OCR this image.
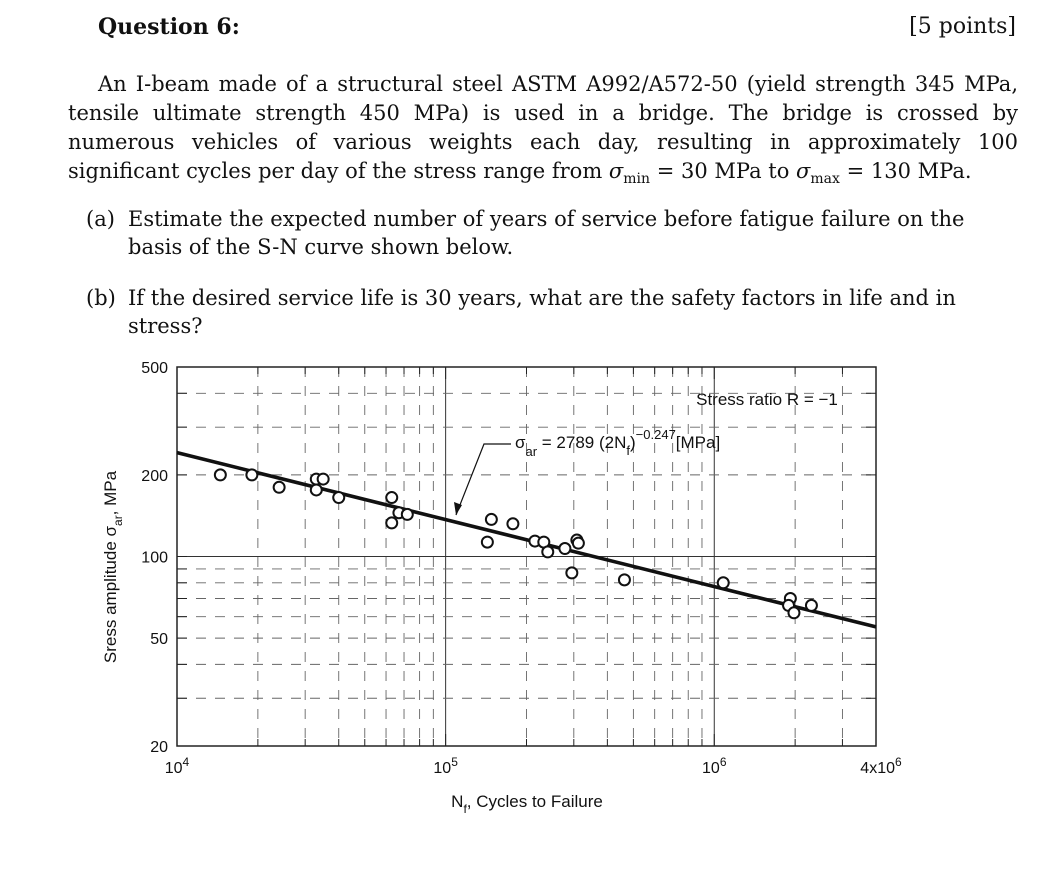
Question 6:	[5 points]
An I-beam made of a structural steel ASTM A992/A572-50 (yield strength 345 MPa, tensile ultimate strength 450 MPa) is used in a bridge. The bridge is crossed by numerous vehicles of various weights each day, resulting in approximately 100 significant cycles per day of the stress range from $\sigma_{min} = 30$ MPa to $\sigma_{max} = 130$ MPa.
(a) Estimate the expected number of years of service before fatigue failure on the basis of the S-N curve shown below.
(b) If the desired service life is 30 years, what are the safety factors in life and in stress?
20
50
100
200
500
$10^4$	$10^5$	$10^6$	$4x10^6$
Stress ratio R = −1
$\sigma_{ar} = 2789$ $(2N_f)^{-0.247}[MPa]$
$N_f$, Cycles to Failure
Sress amplitude $\sigma_{ar}$, MPa
